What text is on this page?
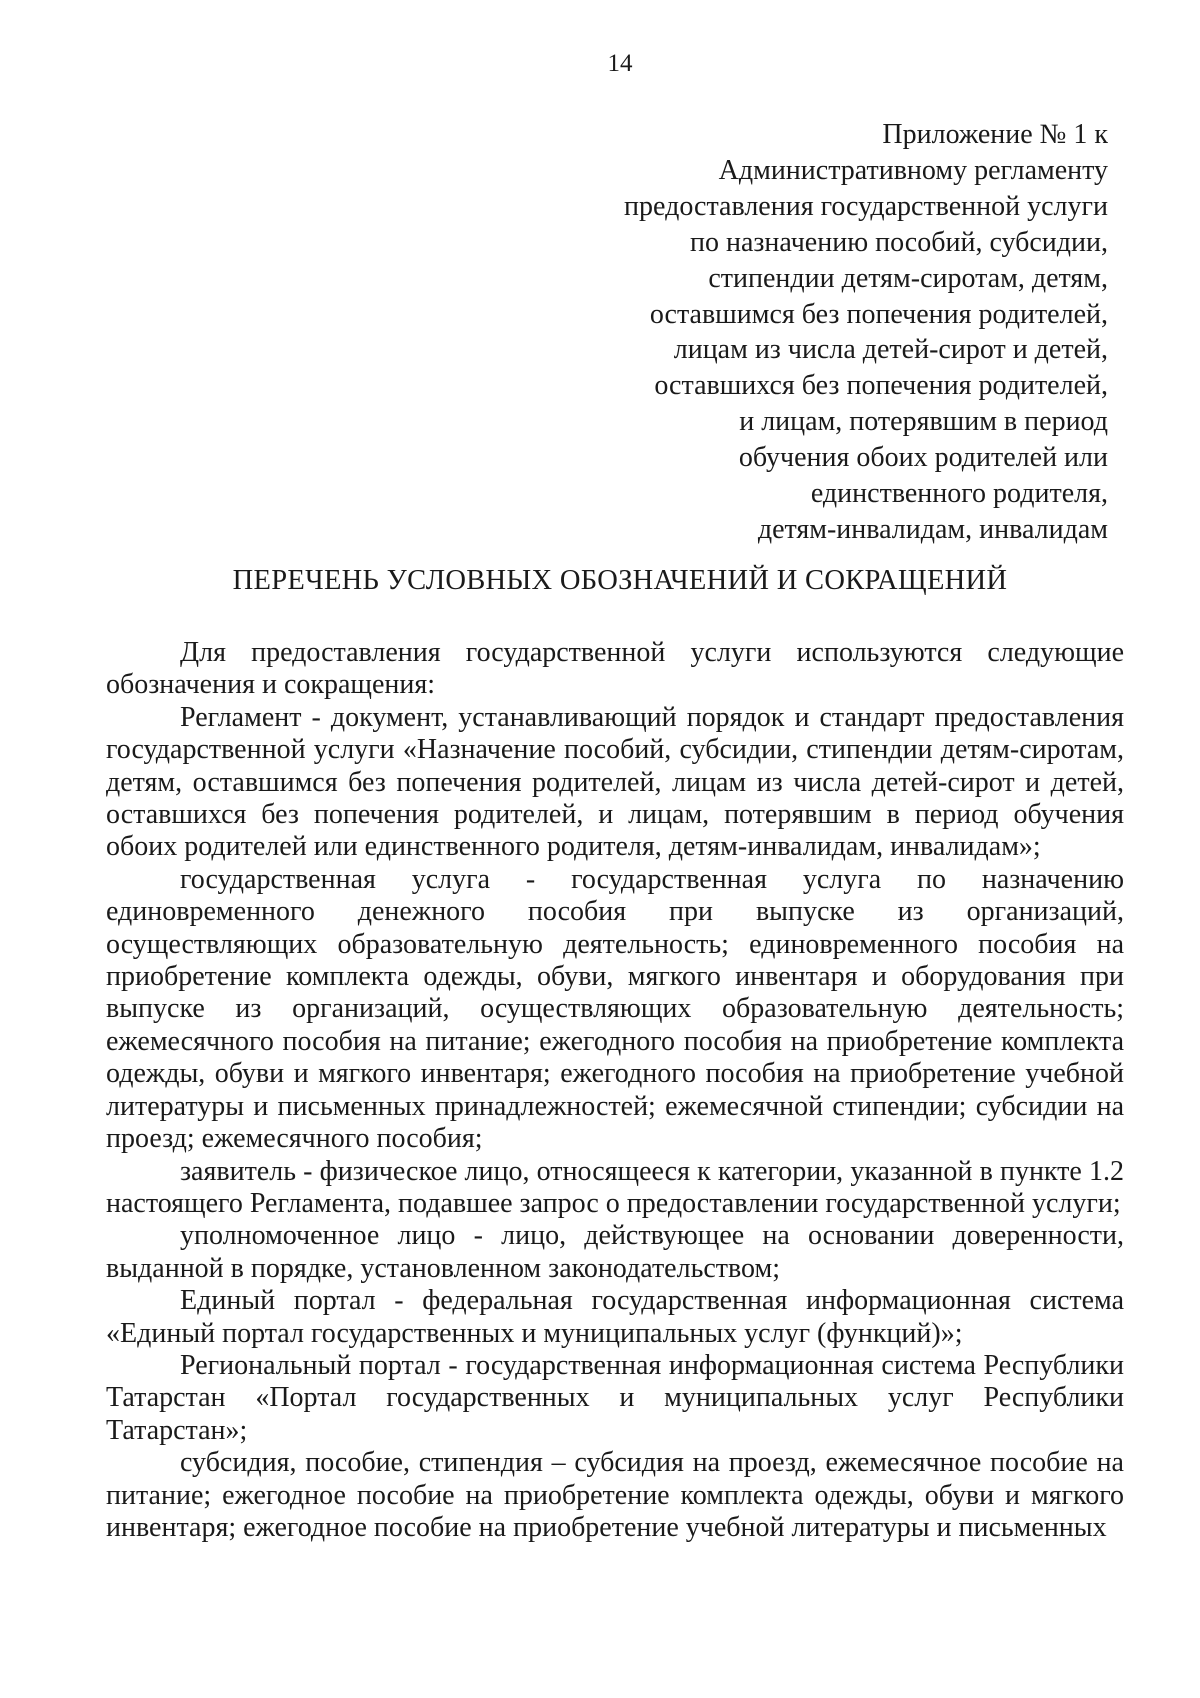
14
Приложение № 1 к
Административному регламенту
предоставления государственной услуги
по назначению пособий, субсидии,
стипендии детям-сиротам, детям,
оставшимся без попечения родителей,
лицам из числа детей-сирот и детей,
оставшихся без попечения родителей,
и лицам, потерявшим в период
обучения обоих родителей или
единственного родителя,
детям-инвалидам, инвалидам
ПЕРЕЧЕНЬ УСЛОВНЫХ ОБОЗНАЧЕНИЙ И СОКРАЩЕНИЙ

Для предоставления государственной услуги используются следующие обозначения и сокращения:

Регламент - документ, устанавливающий порядок и стандарт предоставления государственной услуги «Назначение пособий, субсидии, стипендии детям-сиротам, детям, оставшимся без попечения родителей, лицам из числа детей-сирот и детей, оставшихся без попечения родителей, и лицам, потерявшим в период обучения обоих родителей или единственного родителя, детям-инвалидам, инвалидам»;

государственная услуга - государственная услуга по назначению единовременного денежного пособия при выпуске из организаций, осуществляющих образовательную деятельность; единовременного пособия на приобретение комплекта одежды, обуви, мягкого инвентаря и оборудования при выпуске из организаций, осуществляющих образовательную деятельность; ежемесячного пособия на питание; ежегодного пособия на приобретение комплекта одежды, обуви и мягкого инвентаря; ежегодного пособия на приобретение учебной литературы и письменных принадлежностей; ежемесячной стипендии; субсидии на проезд; ежемесячного пособия;

заявитель - физическое лицо, относящееся к категории, указанной в пункте 1.2 настоящего Регламента, подавшее запрос о предоставлении государственной услуги;

уполномоченное лицо - лицо, действующее на основании доверенности, выданной в порядке, установленном законодательством;

Единый портал - федеральная государственная информационная система «Единый портал государственных и муниципальных услуг (функций)»;

Региональный портал - государственная информационная система Республики Татарстан «Портал государственных и муниципальных услуг Республики Татарстан»;

субсидия, пособие, стипендия – субсидия на проезд, ежемесячное пособие на питание; ежегодное пособие на приобретение комплекта одежды, обуви и мягкого инвентаря; ежегодное пособие на приобретение учебной литературы и письменных
